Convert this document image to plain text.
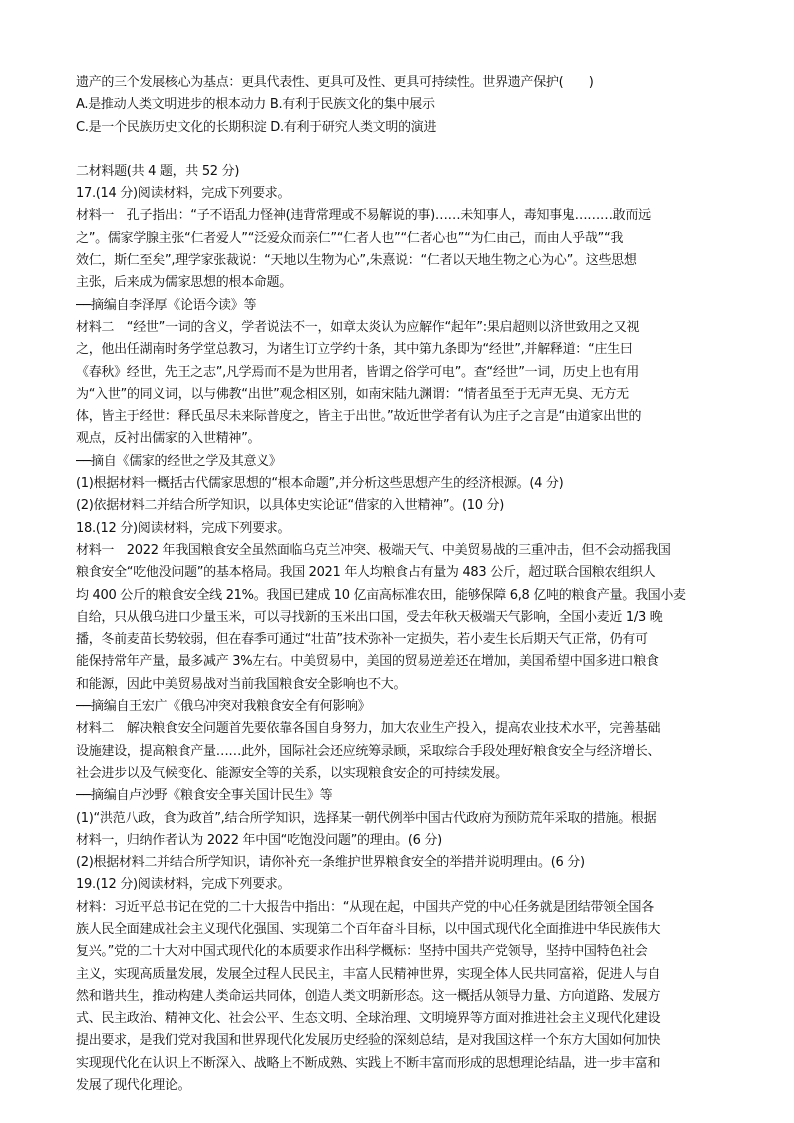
遗产的三个发展核心为基点：更具代表性、更具可及性、更具可持续性。世界遗产保护(　　)

A.是推动人类文明进步的根本动力 B.有利于民族文化的集中展示

C.是一个民族历史文化的长期积淀 D.有利于研究人类文明的演进

二材料题(共 4 题，共 52 分)

17.(14 分)阅读材料，完成下列要求。

材料一　孔子指出：“子不语乱力怪神(违背常理或不易解说的事)……未知事人，毒知事鬼………敢而远

之”。儒家学腺主张“仁者爱人”“泛爱众而亲仁”“仁者人也”“仁者心也”“为仁由己，而由人乎哉”“我

效仁，斯仁至矣”,理学家张裁说：“天地以生物为心”,朱熹说：“仁者以天地生物之心为心”。这些思想

主张，后来成为儒家思想的根本命题。

──摘编自李泽厚《论语今读》等

材料二　“经世”一词的含义，学者说法不一，如章太炎认为应解作“起年”:果启超则以济世致用之又视

之，他出任湖南时务学堂总教习，为诸生订立学约十条，其中第九条即为“经世”,并解释道：“庄生曰

《春秋》经世，先王之志”,凡学焉而不是为世用者，皆谓之俗学可电”。查“经世”一词，历史上也有用

为“入世”的同义词，以与佛教“出世”观念相区别，如南宋陆九渊谓：“情者虽至于无声无臭、无方无

体，皆主于经世：释氏虽尽未来际普度之，皆主于出世。”故近世学者有认为庄子之言是“由道家出世的

观点，反衬出儒家的入世精神”。

──摘自《儒家的经世之学及其意义》

(1)根据材料一概括古代儒家思想的“根本命题”,并分析这些思想产生的经济根源。(4 分)

(2)依据材料二并结合所学知识，以具体史实论证“借家的入世精神”。(10 分)

18.(12 分)阅读材料，完成下列要求。

材料一　2022 年我国粮食安全虽然面临乌克兰冲突、极端天气、中美贸易战的三重冲击，但不会动摇我国

粮食安全“吃他没问题”的基本格局。我国 2021 年人均粮食占有量为 483 公斤，超过联合国粮农组织人

均 400 公斤的粮食安全线 21%。我国已建成 10 亿亩高标准农田，能够保障 6,8 亿吨的粮食产量。我国小麦

自给，只从俄乌进口少量玉米，可以寻找新的玉米出口国，受去年秋天极端天气影响，全国小麦近 1/3 晚

播，冬前麦苗长势较弱，但在春季可通过“壮苗”技术弥补一定损失，若小麦生长后期天气正常，仍有可

能保持常年产量，最多减产 3%左右。中美贸易中，美国的贸易逆差还在增加，美国希望中国多进口粮食

和能源，因此中美贸易战对当前我国粮食安全影响也不大。

──摘编自王宏广《俄乌冲突对我粮食安全有何影响》

材料二　解决粮食安全问题首先要依靠各国自身努力，加大农业生产投入，提高农业技术水平，完善基础

设施建设，提高粮食产量……此外，国际社会还应统筹录顾，采取综合手段处理好粮食安全与经济增长、

社会进步以及气候变化、能源安全等的关系，以实现粮食安企的可持续发展。

──摘编自卢沙野《粮食安全事关国计民生》等

(1)“洪范八政，食为政首”,结合所学知识，选择某一朝代例举中国古代政府为预防荒年采取的措施。根据

材料一，归纳作者认为 2022 年中国“吃饱没问题”的理由。(6 分)

(2)根据材料二并结合所学知识，请你补充一条维护世界粮食安全的举措并说明理由。(6 分)

19.(12 分)阅读材料，完成下列要求。

材料：习近平总书记在党的二十大报告中指出：“从现在起，中国共产党的中心任务就是团结带领全国各

族人民全面建成社会主义现代化强国、实现第二个百年奋斗目标，以中国式现代化全面推进中华民族伟大

复兴。”党的二十大对中国式现代化的本质要求作出科学概标：坚持中国共产党领导，坚持中国特色社会

主义，实现高质量发展，发展全过程人民民主，丰富人民精神世界，实现全体人民共同富裕，促进人与自

然和谐共生，推动构建人类命运共同体，创造人类文明新形态。这一概括从领导力量、方向道路、发展方

式、民主政治、精神文化、社会公平、生态文明、全球治理、文明境界等方面对推进社会主义现代化建设

提出要求，是我们党对我国和世界现代化发展历史经验的深刻总结，是对我国这样一个东方大国如何加快

实现现代化在认识上不断深入、战略上不断成熟、实践上不断丰富而形成的思想理论结晶，进一步丰富和

发展了现代化理论。
